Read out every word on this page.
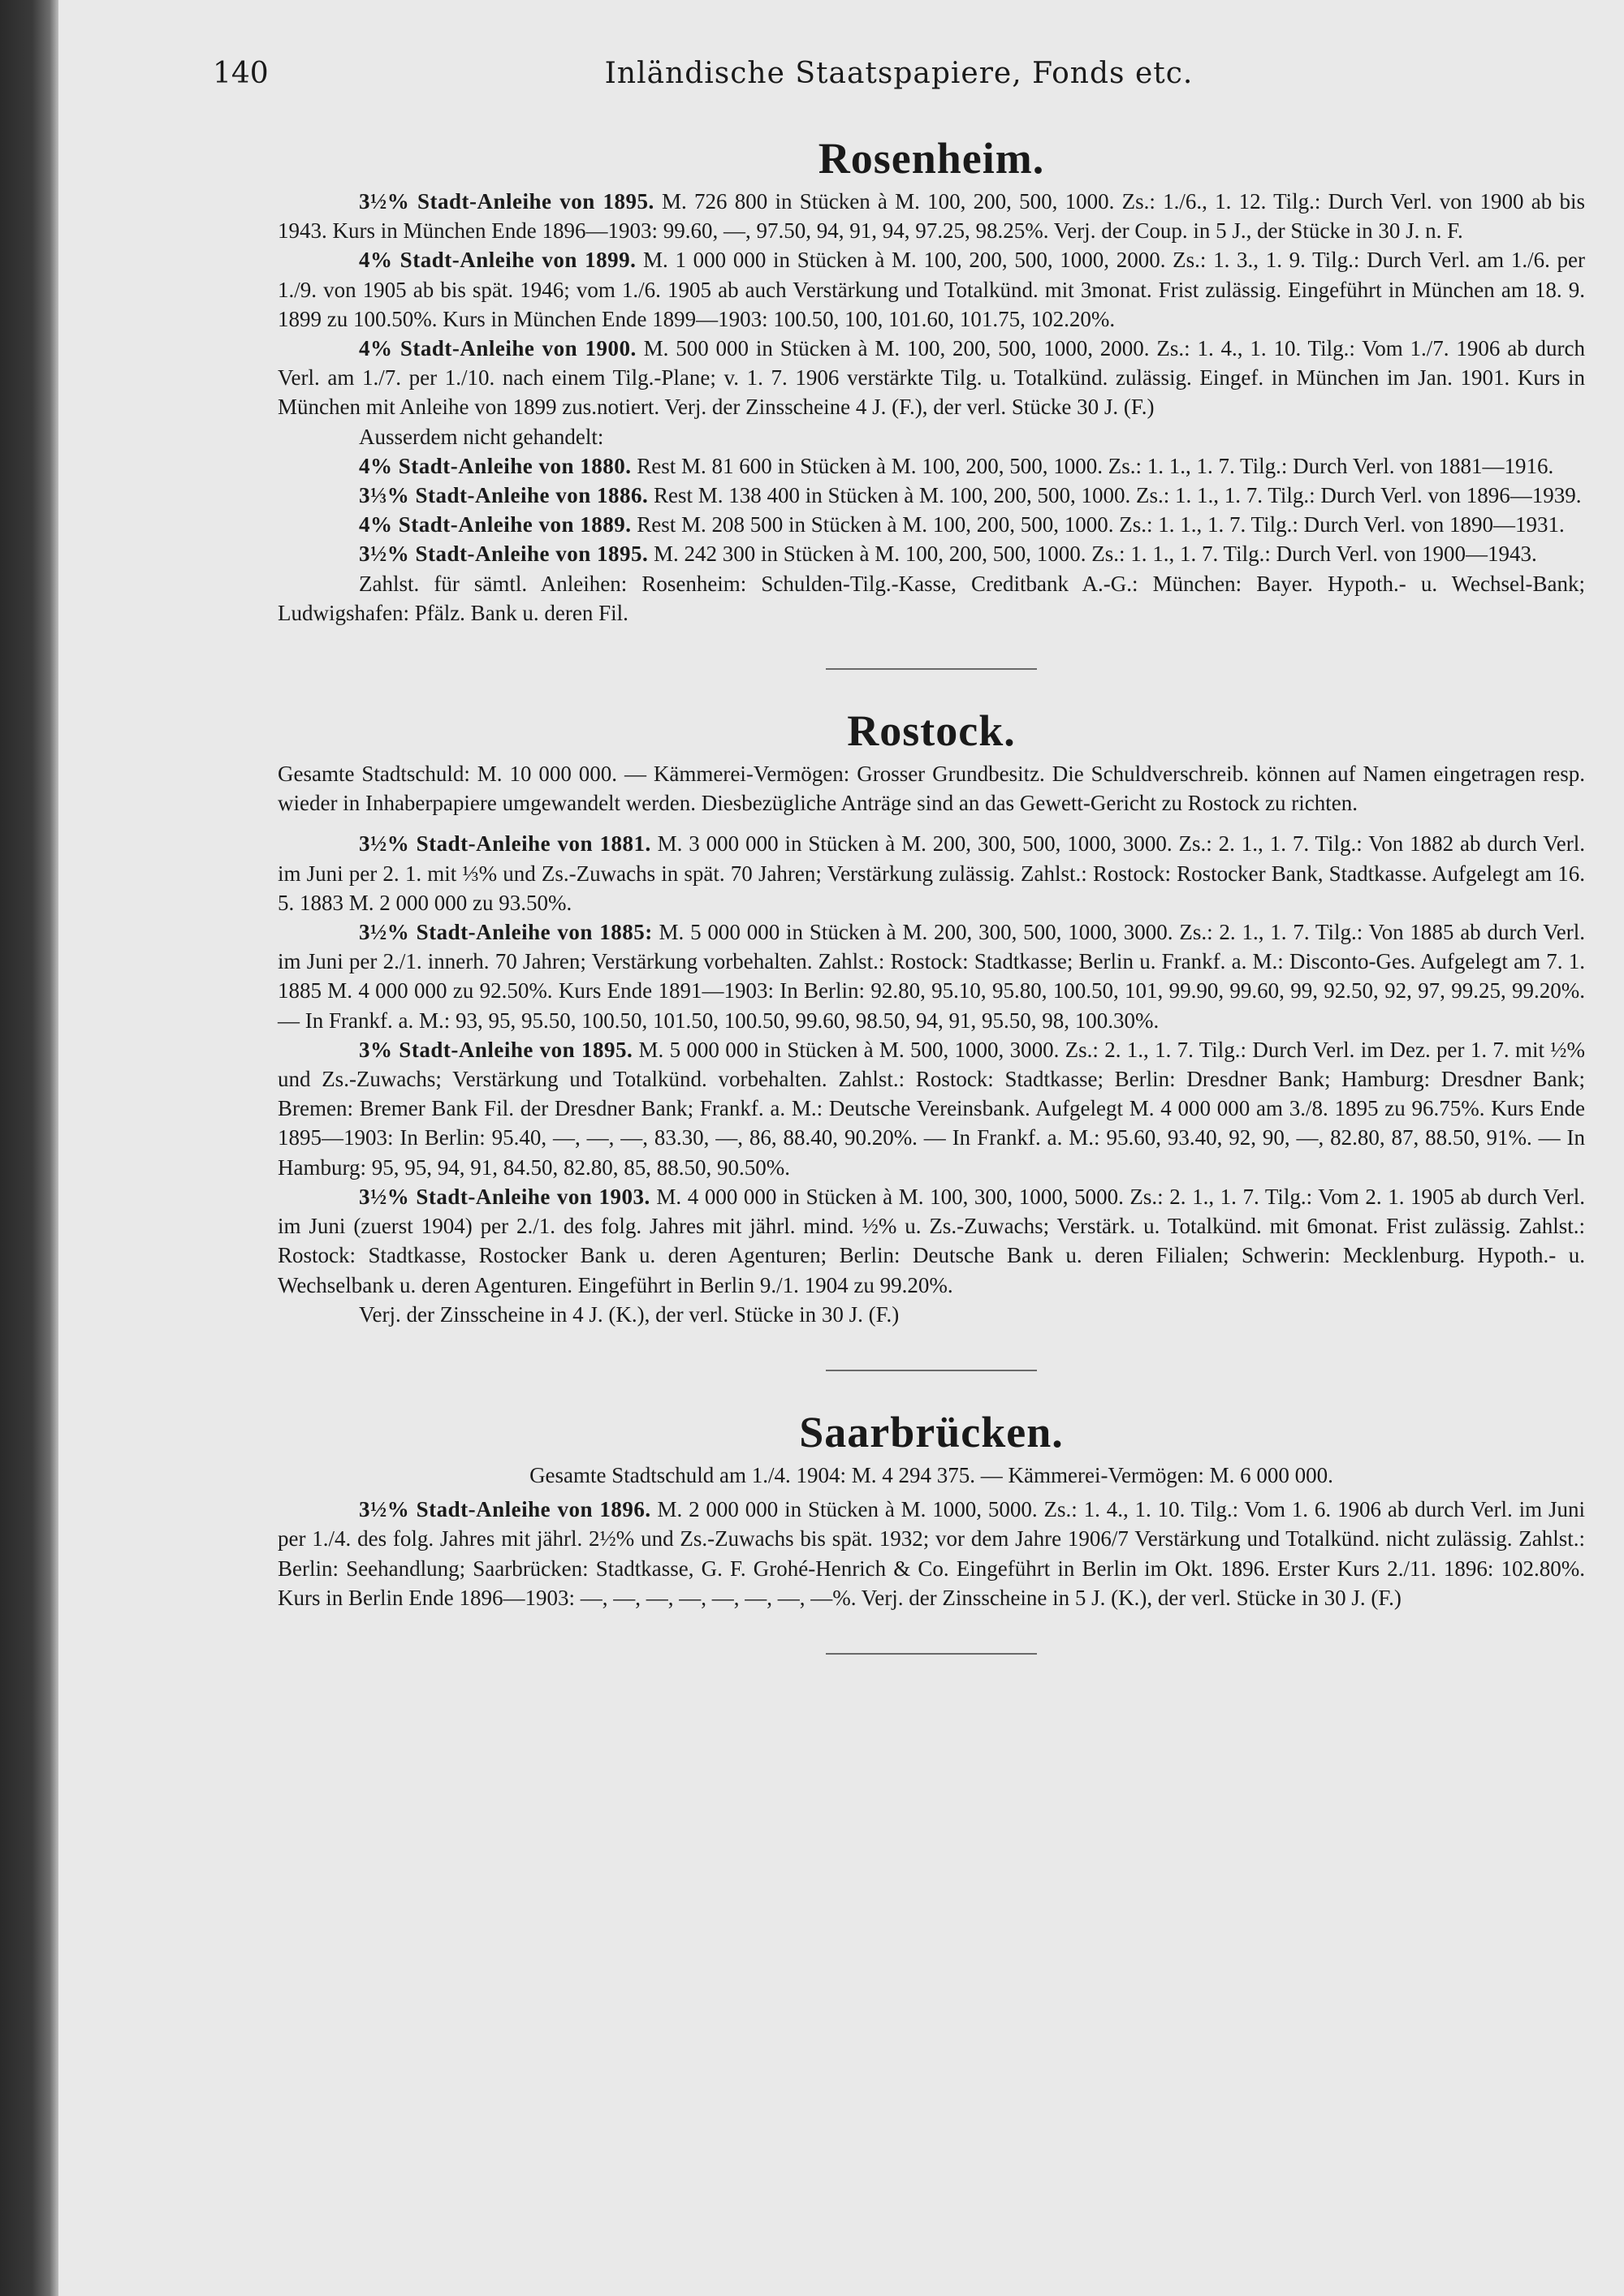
140	Inländische Staatspapiere, Fonds etc.
Rosenheim.

3½% Stadt-Anleihe von 1895. M. 726 800 in Stücken à M. 100, 200, 500, 1000. Zs.: 1./6., 1. 12. Tilg.: Durch Verl. von 1900 ab bis 1943. Kurs in München Ende 1896—1903: 99.60, —, 97.50, 94, 91, 94, 97.25, 98.25%. Verj. der Coup. in 5 J., der Stücke in 30 J. n. F.

4% Stadt-Anleihe von 1899. M. 1 000 000 in Stücken à M. 100, 200, 500, 1000, 2000. Zs.: 1. 3., 1. 9. Tilg.: Durch Verl. am 1./6. per 1./9. von 1905 ab bis spät. 1946; vom 1./6. 1905 ab auch Verstärkung und Totalkünd. mit 3monat. Frist zulässig. Eingeführt in München am 18. 9. 1899 zu 100.50%. Kurs in München Ende 1899—1903: 100.50, 100, 101.60, 101.75, 102.20%.

4% Stadt-Anleihe von 1900. M. 500 000 in Stücken à M. 100, 200, 500, 1000, 2000. Zs.: 1. 4., 1. 10. Tilg.: Vom 1./7. 1906 ab durch Verl. am 1./7. per 1./10. nach einem Tilg.-Plane; v. 1. 7. 1906 verstärkte Tilg. u. Totalkünd. zulässig. Eingef. in München im Jan. 1901. Kurs in München mit Anleihe von 1899 zus.notiert. Verj. der Zinsscheine 4 J. (F.), der verl. Stücke 30 J. (F.)

Ausserdem nicht gehandelt:

4% Stadt-Anleihe von 1880. Rest M. 81 600 in Stücken à M. 100, 200, 500, 1000. Zs.: 1. 1., 1. 7. Tilg.: Durch Verl. von 1881—1916.

3⅓% Stadt-Anleihe von 1886. Rest M. 138 400 in Stücken à M. 100, 200, 500, 1000. Zs.: 1. 1., 1. 7. Tilg.: Durch Verl. von 1896—1939.

4% Stadt-Anleihe von 1889. Rest M. 208 500 in Stücken à M. 100, 200, 500, 1000. Zs.: 1. 1., 1. 7. Tilg.: Durch Verl. von 1890—1931.

3½% Stadt-Anleihe von 1895. M. 242 300 in Stücken à M. 100, 200, 500, 1000. Zs.: 1. 1., 1. 7. Tilg.: Durch Verl. von 1900—1943.

Zahlst. für sämtl. Anleihen: Rosenheim: Schulden-Tilg.-Kasse, Creditbank A.-G.: München: Bayer. Hypoth.- u. Wechsel-Bank; Ludwigshafen: Pfälz. Bank u. deren Fil.

Rostock.

Gesamte Stadtschuld: M. 10 000 000. — Kämmerei-Vermögen: Grosser Grundbesitz. Die Schuldverschreib. können auf Namen eingetragen resp. wieder in Inhaberpapiere umgewandelt werden. Diesbezügliche Anträge sind an das Gewett-Gericht zu Rostock zu richten.

3½% Stadt-Anleihe von 1881. M. 3 000 000 in Stücken à M. 200, 300, 500, 1000, 3000. Zs.: 2. 1., 1. 7. Tilg.: Von 1882 ab durch Verl. im Juni per 2. 1. mit ⅓% und Zs.-Zuwachs in spät. 70 Jahren; Verstärkung zulässig. Zahlst.: Rostock: Rostocker Bank, Stadtkasse. Aufgelegt am 16. 5. 1883 M. 2 000 000 zu 93.50%.

3½% Stadt-Anleihe von 1885: M. 5 000 000 in Stücken à M. 200, 300, 500, 1000, 3000. Zs.: 2. 1., 1. 7. Tilg.: Von 1885 ab durch Verl. im Juni per 2./1. innerh. 70 Jahren; Verstärkung vorbehalten. Zahlst.: Rostock: Stadtkasse; Berlin u. Frankf. a. M.: Disconto-Ges. Aufgelegt am 7. 1. 1885 M. 4 000 000 zu 92.50%. Kurs Ende 1891—1903: In Berlin: 92.80, 95.10, 95.80, 100.50, 101, 99.90, 99.60, 99, 92.50, 92, 97, 99.25, 99.20%. — In Frankf. a. M.: 93, 95, 95.50, 100.50, 101.50, 100.50, 99.60, 98.50, 94, 91, 95.50, 98, 100.30%.

3% Stadt-Anleihe von 1895. M. 5 000 000 in Stücken à M. 500, 1000, 3000. Zs.: 2. 1., 1. 7. Tilg.: Durch Verl. im Dez. per 1. 7. mit ½% und Zs.-Zuwachs; Verstärkung und Totalkünd. vorbehalten. Zahlst.: Rostock: Stadtkasse; Berlin: Dresdner Bank; Hamburg: Dresdner Bank; Bremen: Bremer Bank Fil. der Dresdner Bank; Frankf. a. M.: Deutsche Vereinsbank. Aufgelegt M. 4 000 000 am 3./8. 1895 zu 96.75%. Kurs Ende 1895—1903: In Berlin: 95.40, —, —, —, 83.30, —, 86, 88.40, 90.20%. — In Frankf. a. M.: 95.60, 93.40, 92, 90, —, 82.80, 87, 88.50, 91%. — In Hamburg: 95, 95, 94, 91, 84.50, 82.80, 85, 88.50, 90.50%.

3½% Stadt-Anleihe von 1903. M. 4 000 000 in Stücken à M. 100, 300, 1000, 5000. Zs.: 2. 1., 1. 7. Tilg.: Vom 2. 1. 1905 ab durch Verl. im Juni (zuerst 1904) per 2./1. des folg. Jahres mit jährl. mind. ½% u. Zs.-Zuwachs; Verstärk. u. Totalkünd. mit 6monat. Frist zulässig. Zahlst.: Rostock: Stadtkasse, Rostocker Bank u. deren Agenturen; Berlin: Deutsche Bank u. deren Filialen; Schwerin: Mecklenburg. Hypoth.- u. Wechselbank u. deren Agenturen. Eingeführt in Berlin 9./1. 1904 zu 99.20%.

Verj. der Zinsscheine in 4 J. (K.), der verl. Stücke in 30 J. (F.)

Saarbrücken.

Gesamte Stadtschuld am 1./4. 1904: M. 4 294 375. — Kämmerei-Vermögen: M. 6 000 000.

3½% Stadt-Anleihe von 1896. M. 2 000 000 in Stücken à M. 1000, 5000. Zs.: 1. 4., 1. 10. Tilg.: Vom 1. 6. 1906 ab durch Verl. im Juni per 1./4. des folg. Jahres mit jährl. 2½% und Zs.-Zuwachs bis spät. 1932; vor dem Jahre 1906/7 Verstärkung und Totalkünd. nicht zulässig. Zahlst.: Berlin: Seehandlung; Saarbrücken: Stadtkasse, G. F. Grohé-Henrich & Co. Eingeführt in Berlin im Okt. 1896. Erster Kurs 2./11. 1896: 102.80%. Kurs in Berlin Ende 1896—1903: —, —, —, —, —, —, —, —%. Verj. der Zinsscheine in 5 J. (K.), der verl. Stücke in 30 J. (F.)
